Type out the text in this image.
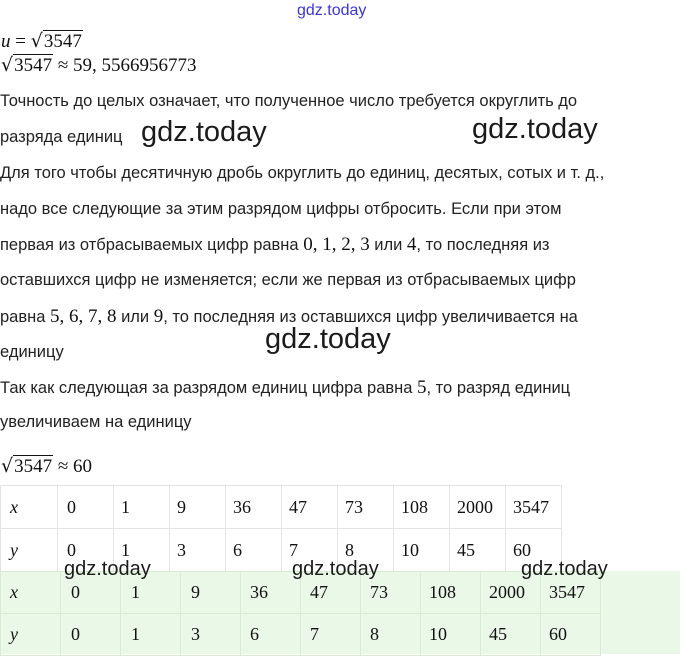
gdz.today
u = √3547
√3547 ≈ 59, 5566956773
Точность до целых означает, что полученное число требуется округлить до
разряда единиц gdz.today	gdz.today
Для того чтобы десятичную дробь округлить до единиц, десятых, сотых и т. д.,
надо все следующие за этим разрядом цифры отбросить. Если при этом
первая из отбрасываемых цифр равна 0, 1, 2, 3 или 4, то последняя из
оставшихся цифр не изменяется; если же первая из отбрасываемых цифр
равна 5, 6, 7, 8 или 9, то последняя из оставшихся цифр увеличивается на
единицу	gdz.today
Так как следующая за разрядом единиц цифра равна 5, то разряд единиц
увеличиваем на единицу
√3547 ≈ 60
x	0	1	9	36	47	73	108	2000	3547
y	0	1	3	6	7	8	10	45	60
x	0	1	9	36	47	73	108	2000	3547
y	0	1	3	6	7	8	10	45	60
gdz.today	gdz.today	gdz.today
